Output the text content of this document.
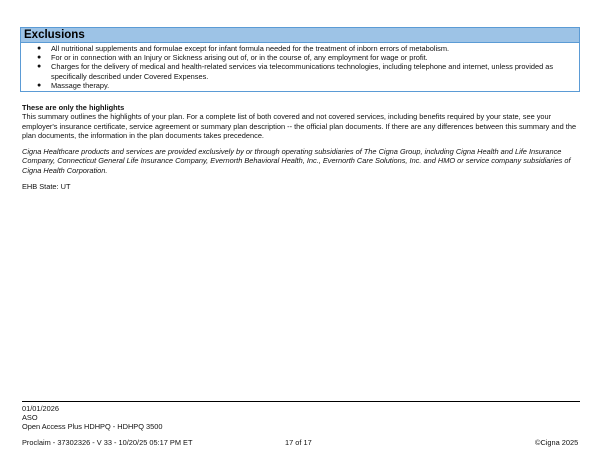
Exclusions
● All nutritional supplements and formulae except for infant formula needed for the treatment of inborn errors of metabolism.
● For or in connection with an Injury or Sickness arising out of, or in the course of, any employment for wage or profit.
● Charges for the delivery of medical and health-related services via telecommunications technologies, including telephone and internet, unless provided as specifically described under Covered Expenses.
● Massage therapy.
These are only the highlights
This summary outlines the highlights of your plan. For a complete list of both covered and not covered services, including benefits required by your state, see your employer's insurance certificate, service agreement or summary plan description -- the official plan documents. If there are any differences between this summary and the plan documents, the information in the plan documents takes precedence.
Cigna Healthcare products and services are provided exclusively by or through operating subsidiaries of The Cigna Group, including Cigna Health and Life Insurance Company, Connecticut General Life Insurance Company, Evernorth Behavioral Health, Inc., Evernorth Care Solutions, Inc. and HMO or service company subsidiaries of Cigna Health Corporation.
EHB State: UT
01/01/2026
ASO
Open Access Plus HDHPQ - HDHPQ 3500
Proclaim - 37302326 - V 33 - 10/20/25 05:17 PM ET	17 of 17	©Cigna 2025
